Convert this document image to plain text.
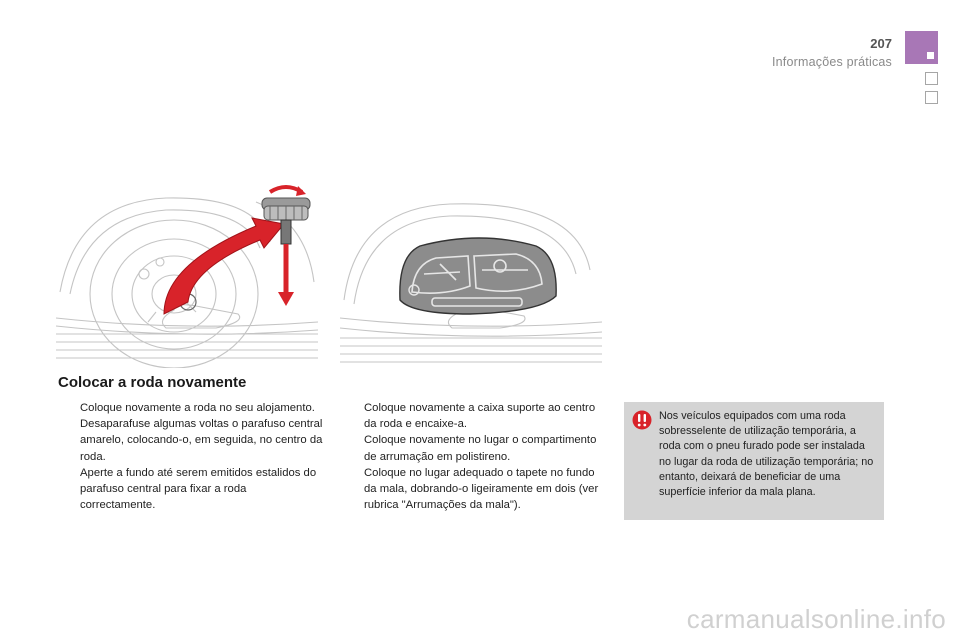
207
Informações práticas
Colocar a roda novamente
Coloque novamente a roda no seu alojamento.
Desaparafuse algumas voltas o parafuso central amarelo, colocando-o, em seguida, no centro da roda.
Aperte a fundo até serem emitidos estalidos do parafuso central para fixar a roda correctamente.
Coloque novamente a caixa suporte ao centro da roda e encaixe-a.
Coloque novamente no lugar o compartimento de arrumação em polistireno.
Coloque no lugar adequado o tapete no fundo da mala, dobrando-o ligeiramente em dois (ver rubrica "Arrumações da mala").
Nos veículos equipados com uma roda sobresselente de utilização temporária, a roda com o pneu furado pode ser instalada no lugar da roda de utilização temporária; no entanto, deixará de beneficiar de uma superfície inferior da mala plana.
carmanualsonline.info
